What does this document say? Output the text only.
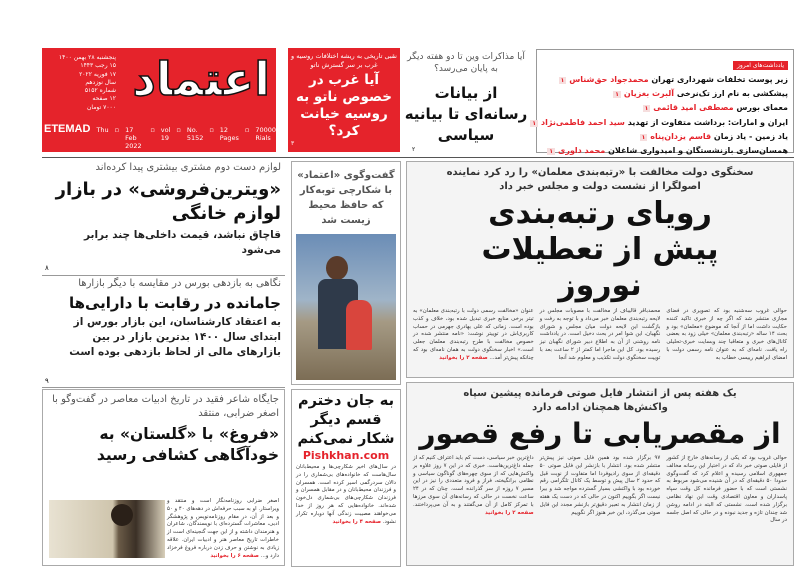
اعتماد
پنجشنبه ۲۸ بهمن ۱۴۰۰
۱۵ رجب ۱۴۴۳
۱۷ فوریه ۲۰۲۲
سال نوزدهم
شماره ۵۱۵۲
۱۲ صفحه
۷۰۰۰ تومان
ETEMAD Thu ▫ 17 Feb 2022
▫ vol 19
▫ No. 5152
▫ 12 Pages
▫ 70000 Rials
نقبی تاریخی به ریشه اختلافات روسیه و غرب بر سر گسترش ناتو
آیا غرب در خصوص ناتو به روسیه خیانت کرد؟
۳
آیا مذاکرات وین تا دو هفته دیگر به پایان می‌رسد؟
از بیانات رسانه‌ای تا بیانیه سیاسی
۲
یادداشت‌های امروز
زیر پوست تخلفات شهرداری تهران محمدجواد حق‌شناس۱
پیشکشی به نام ارز تک‌نرخی آلبرت بغزیان۱
معمای بورس مصطفی امید قائمی۱
ایران و امارات: برداشت متفاوت از تهدید سید احمد فاطمی‌نژاد۱
یاد زمین - یاد زمان قاسم یزدان‌پناه۱
همسان‌سازی بازنشستگان و امیدواری شاغلان محمد داوری۱
لوازم دست دوم مشتری بیشتری پیدا کرده‌اند
«ویترین‌فروشی» در بازار لوازم خانگی
قاچاق نباشد، قیمت داخلی‌ها چند برابر می‌شود
۸
نگاهی به بازدهی بورس در مقایسه با دیگر بازارها
جامانده در رقابت با دارایی‌ها
به اعتقاد کارشناسان، این بازار بورس از ابتدای سال ۱۴۰۰ بدترین بازار در بین بازارهای مالی از لحاظ بازدهی بوده است
۹
جایگاه شاعر فقید در تاریخ ادبیات معاصر در گفت‌وگو با اصغر ضرابی، منتقد
«فروغ» با «گلستان» به خودآگاهی کشافی رسید
اصغر ضرابی روزنامه‌نگار است و منتقد و ویراستار. او به سبب حرفه‌اش در دهه‌های ۴۰ و ۵۰ و بعد از آن، در مقام روزنامه‌نویس و پژوهشگر ادبی، معاشرات گسترده‌ای با نویسندگان، شاعران و هنرمندان داشته و از این جهت گنجینه‌ای است از خاطرات تاریخ معاصر هنر و ادبیات ایران. علاقه زیادی به نوشتن و حرف زدن درباره فروغ فرخزاد دارد و... صفحه ۶ را بخوانید
گفت‌وگوی «اعتماد» با شکارچی توبه‌کار که حافظ محیط زیست شد
به جان دخترم قسم دیگر شکار نمی‌کنم
Pishkhan.com
در سال‌های اخیر شکارچی‌ها و محیط‌بانان سال‌هاست که خانواده‌های بی‌شماری را در دالان سردرگمی اسیر کرده است. همسران و فرزندان محیط‌بانان و در مقابل همسران و فرزندان شکارچی‌های بی‌شماری دل‌خون شده‌اند. خانواده‌هایی که هر روز از خدا می‌خواهند مصیبت زندگی آنها دوباره تکرار نشود. صفحه ۴ را بخوانید
سخنگوی دولت مخالفت با «رتبه‌بندی معلمان» را رد کرد نماینده اصولگرا از نشست دولت و مجلس خبر داد
رویای رتبه‌بندی پیش از تعطیلات نوروز
حوالی غروب سه‌شنبه بود که تصویری در فضای مجازی منتشر شد که اگر چه از خبری تاکید کننده حکایت داشت اما از آنجا که موضوع «معلمان» بود و بحث ۱۴ ساله «رتبه‌بندی معلمان» خیلی زود به بعضی کانال‌های خبری و متعاقبا چند وبسایت خبری-تحلیلی راه یافت. نامه‌ای که به عنوان نامه رسمی دولت با امضای ابراهیم رییسی خطاب به
محمدباقر قالیباف از مخالفت با مصوبات مجلس در لایحه رتبه‌بندی معلمان خبر می‌داد و با توجه به رفت و بازگشت این لایحه دولت میان مجلس و شورای نگهبان، این شوا امر در بحث دخیل است. در یادداشت نامه روشنی از آن به اطلاع دبیر شورای نگهبان نیز رسیده بود. کل این ماجرا اما کمتر از ۲ ساعت بعد با توییت سخنگوی دولت تکذیب و معلوم شد آنجا
عنوان «مخالفت رسمی دولت با رتبه‌بندی معلمان» به تیتر برخی منابع خبری تبدیل شده بود، خلاف و کذب بوده است. زمانی که علی بهادری جهرمی در حساب کاربری‌اش در توییتر نوشت: «نامه منتشر شده در خصوص مخالفت با طرح رتبه‌بندی معلمان جعلی است.» اخبار سخنگوی دولت به همان نامه‌ای بود که چنانکه پیش‌تر آمد... صفحه ۲ را بخوانید
یک هفته پس از انتشار فایل صوتی فرمانده پیشین سپاه واکنش‌ها همچنان ادامه دارد
از مقصریابی تا رفع قصور
حوالی غروب بود که یکی از رسانه‌های خارج از کشور از فایلی صوتی خبر داد که در اختیار این رسانه مخالف جمهوری اسلامی رسیده و اعلام کرد که گفت‌وگوی حدودا ۵۰ دقیقه‌ای که در آن شنیده می‌شود مربوط به نشستی است که با حضور فرمانده کل وقت سپاه پاسداران و معاون اقتصادی وقت این نهاد نظامی برگزار شده است. نشستی که البته در ادامه روشن شد چندان تازه و جدید نبوده و در حالی که اصل جلسه در سال
۹۷ برگزار شده بود همین فایل صوتی نیز پیش‌تر منتشر شده بود. انتشار با بازنشر این فایل صوتی ۵۰ دقیقه‌ای از سوی رادیوفردا اما متفاوت از نوبت قبل که حدود ۲ سال پیش و توسط یک کانال تلگرامی رقم خورده بود با واکنشی بسیار گسترده مواجه شد و بیرا نیست اگر بگوییم اکنون در حالی که در دست یک هفته از زمان انتشار به تعبیر دقیق‌تر بازنشر مجدد این فایل صوتی می‌گذرد، این خبر هنوز اگر نگوییم
داغ‌ترین خبر سیاسی، دست کم باید اعتراف کنیم که از جمله داغ‌ترین‌هاست. خبری که در این ۷ روز علاوه بر واکنش‌هایی که از سوی چهره‌های گوناگون سیاسی و نظامی برانگیخته، فراز و فرود متعددی را نیز در این مسیر ۷ روزه از سر گذرانده است. چنان که در ۲۴ ساعت نخست در حالی که رسانه‌های آن سوی مرزها با تمرکز کامل از آن می‌گفتند و به آن می‌پرداختند. صفحه ۲ را بخوانید
